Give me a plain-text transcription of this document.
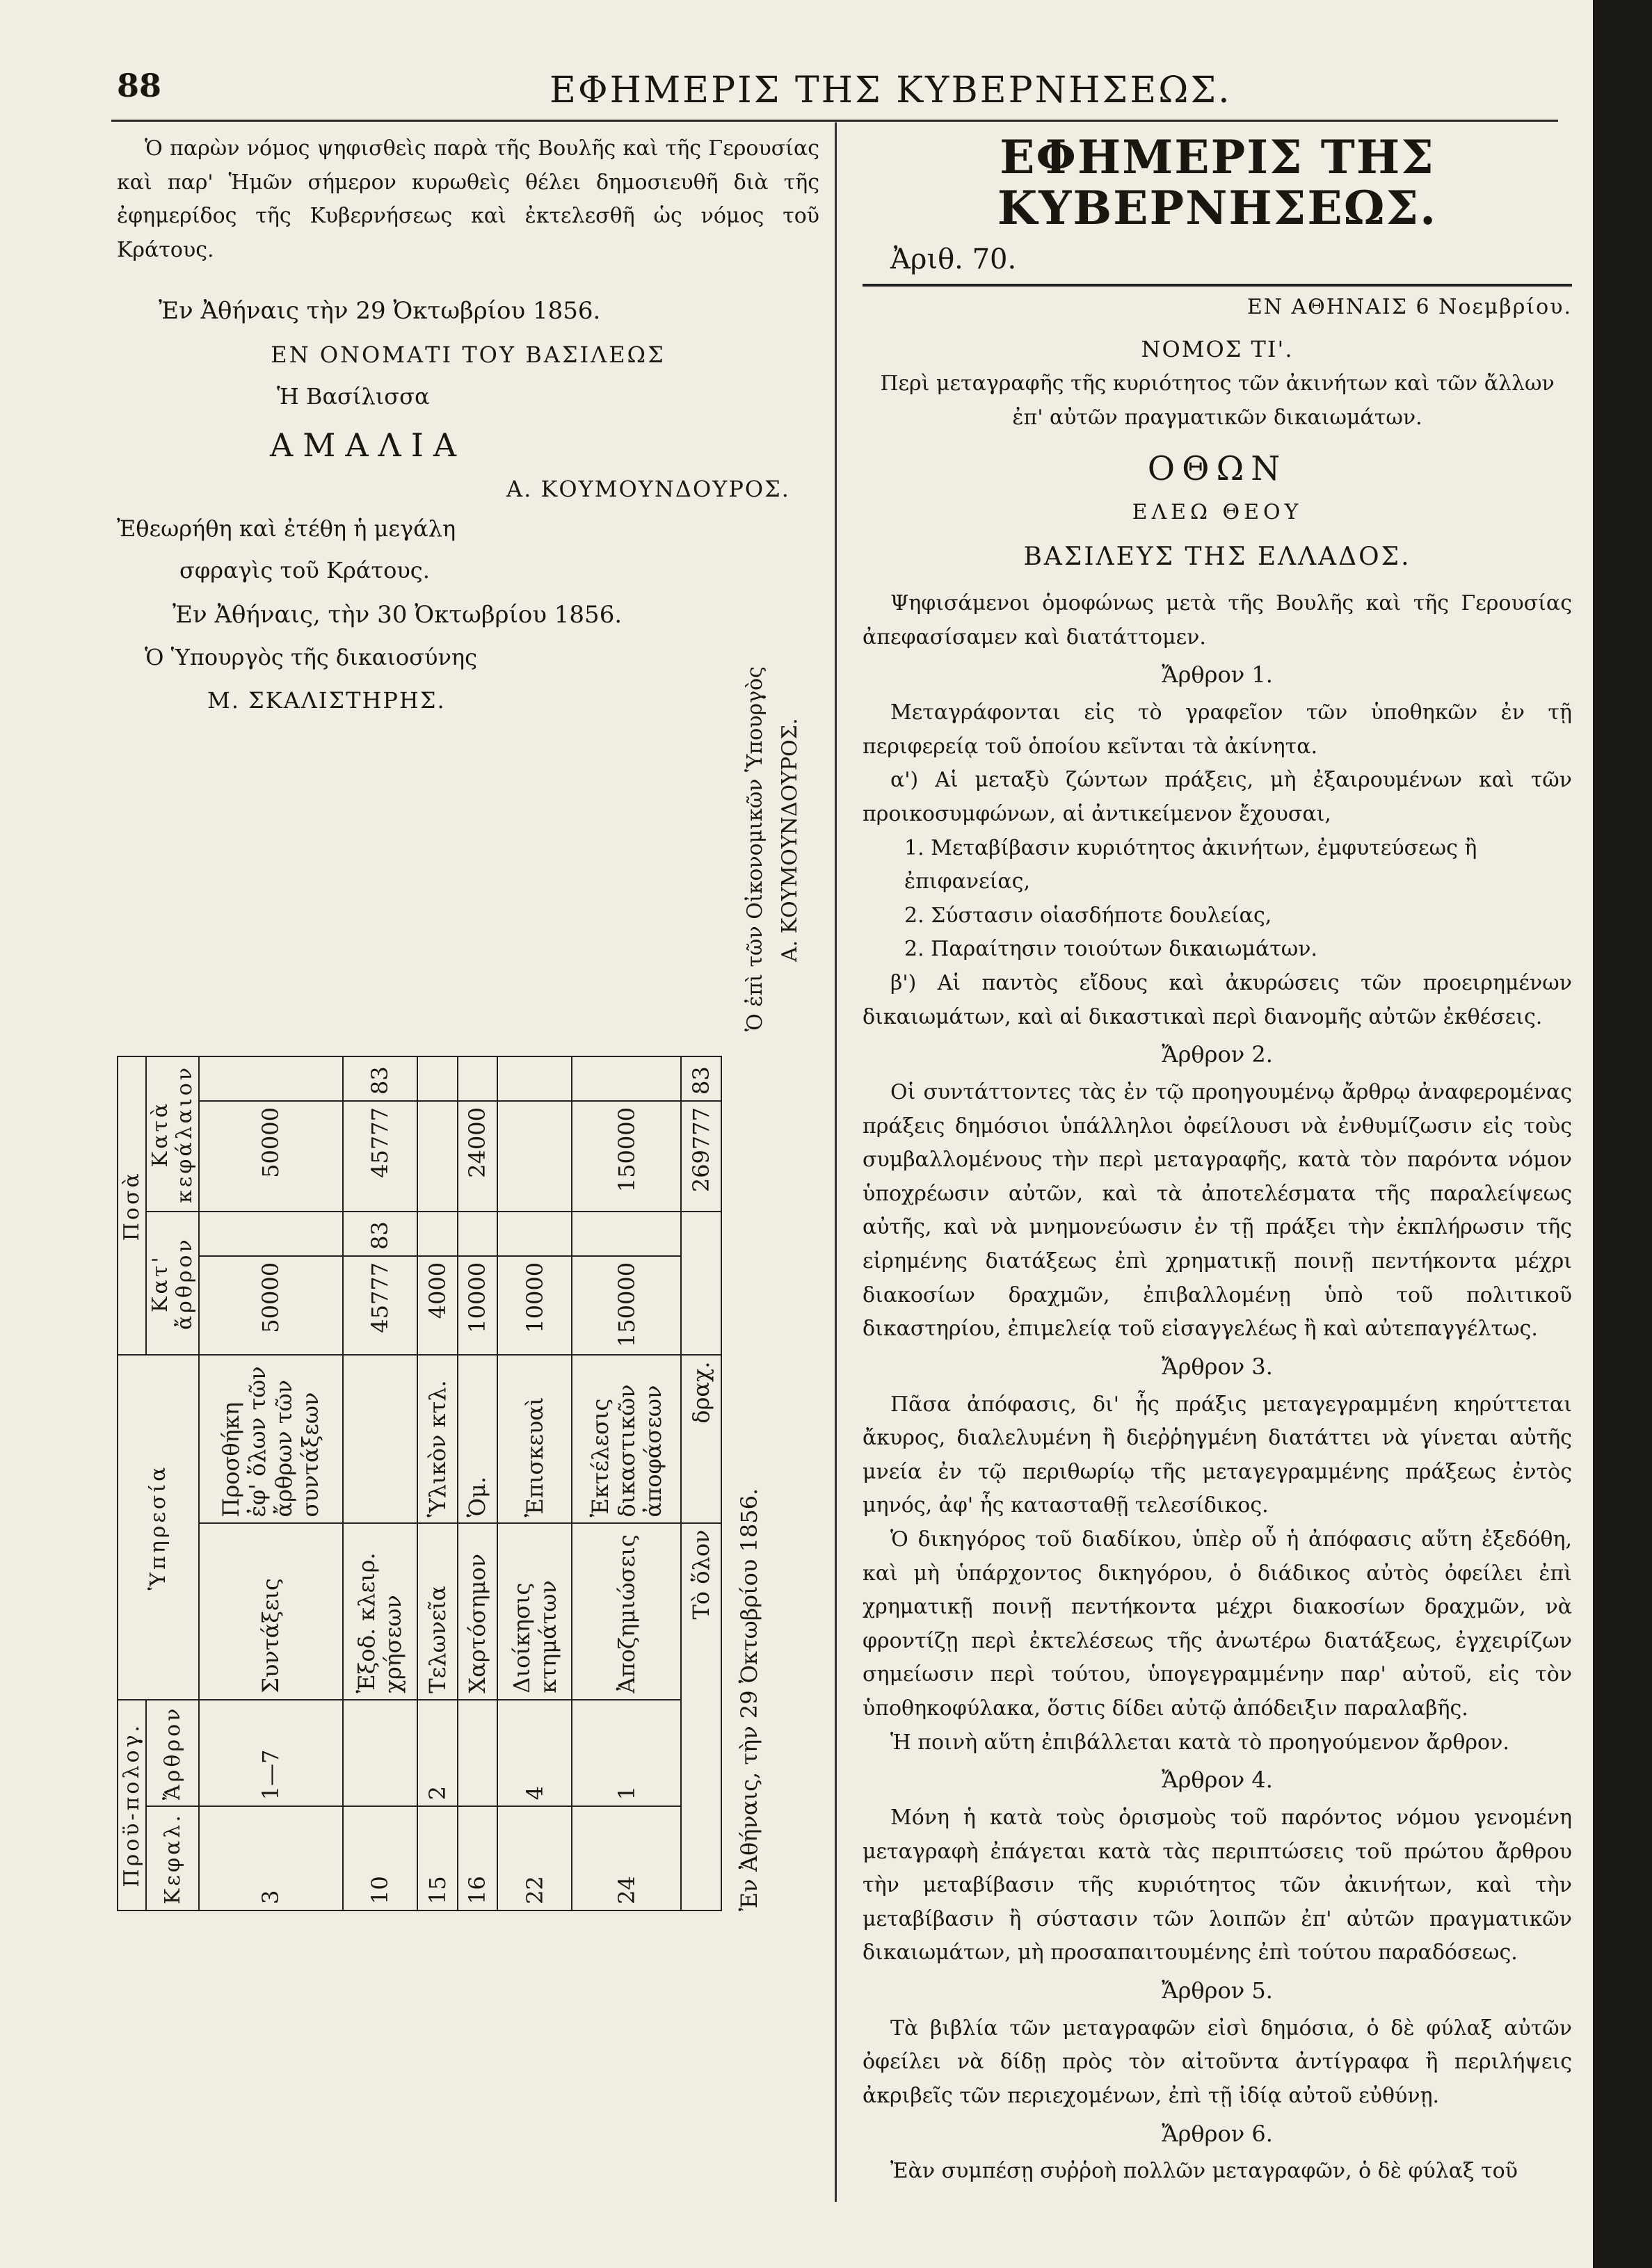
88	ΕΦΗΜΕΡΙΣ ΤΗΣ ΚΥΒΕΡΝΗΣΕΩΣ.

Ὁ παρὼν νόμος ψηφισθεὶς παρὰ τῆς Βουλῆς καὶ τῆς Γερουσίας καὶ παρ' Ἡμῶν σήμερον κυρωθεὶς θέλει δημοσιευθῆ διὰ τῆς ἐφημερίδος τῆς Κυβερνήσεως καὶ ἐκτελεσθῆ ὡς νόμος τοῦ Κράτους.

Ἐν Ἀθήναις τὴν 29 Ὀκτωβρίου 1856.
ΕΝ ΟΝΟΜΑΤΙ ΤΟΥ ΒΑΣΙΛΕΩΣ
Ἡ Βασίλισσα
ΑΜΑΛΙΑ
Α. ΚΟΥΜΟΥΝΔΟΥΡΟΣ.
Ἐθεωρήθη καὶ ἐτέθη ἡ μεγάλη
σφραγὶς τοῦ Κράτους.
Ἐν Ἀθήναις, τὴν 30 Ὀκτωβρίου 1856.
Ὁ Ὑπουργὸς τῆς δικαιοσύνης
Μ. ΣΚΑΛΙΣΤΗΡΗΣ.
Προϋ-πολογ.		Ὑπηρεσία		Ποσὰ			
Κεφαλ.	Ἄρθρον			Κατ' ἄρθρον		Κατὰ κεφάλαιον	
3	1—7	Συντάξεις	Προσθήκη ἐφ' ὅλων τῶν ἄρθρων τῶν συντάξεων	50000		50000	
10		Ἐξοδ. κλειρ. χρήσεων		45777	83	45777	83
15	2	Τελωνεῖα	Ὑλικὸν κτλ.	4000			
16		Χαρτόσημον	Ὁμ.	10000		24000	
22	4	Διοίκησις κτημάτων	Ἐπισκευαὶ	10000			
24	1	Ἀποζημιώσεις	Ἐκτέλεσις δικαστικῶν ἀποφάσεων	150000		150000	
Τὸ ὅλον			δραχ.			269777	83
Ἐν Ἀθήναις, τὴν 29 Ὀκτωβρίου 1856.
Ὁ ἐπὶ τῶν Οἰκονομικῶν Ὑπουργὸς Α. ΚΟΥΜΟΥΝΔΟΥΡΟΣ.
ΕΦΗΜΕΡΙΣ ΤΗΣ ΚΥΒΕΡΝΗΣΕΩΣ.
Ἀριθ. 70.
ΕΝ ΑΘΗΝΑΙΣ 6 Νοεμβρίου.
ΝΟΜΟΣ ΤΙ'.
Περὶ μεταγραφῆς τῆς κυριότητος τῶν ἀκινήτων καὶ τῶν ἄλλων ἐπ' αὐτῶν πραγματικῶν δικαιωμάτων.
ΟΘΩΝ
ΕΛΕΩ ΘΕΟΥ
ΒΑΣΙΛΕΥΣ ΤΗΣ ΕΛΛΑΔΟΣ.

Ψηφισάμενοι ὁμοφώνως μετὰ τῆς Βουλῆς καὶ τῆς Γερουσίας ἀπεφασίσαμεν καὶ διατάττομεν.

Ἄρθρον 1.

Μεταγράφονται εἰς τὸ γραφεῖον τῶν ὑποθηκῶν ἐν τῇ περιφερείᾳ τοῦ ὁποίου κεῖνται τὰ ἀκίνητα.

α') Αἱ μεταξὺ ζώντων πράξεις, μὴ ἐξαιρουμένων καὶ τῶν προικοσυμφώνων, αἱ ἀντικείμενον ἔχουσαι,

1. Μεταβίβασιν κυριότητος ἀκινήτων, ἐμφυτεύσεως ἢ ἐπιφανείας,
2. Σύστασιν οἱασδήποτε δουλείας,
2. Παραίτησιν τοιούτων δικαιωμάτων.

β') Αἱ παντὸς εἴδους καὶ ἀκυρώσεις τῶν προειρημένων δικαιωμάτων, καὶ αἱ δικαστικαὶ περὶ διανομῆς αὐτῶν ἐκθέσεις.

Ἄρθρον 2.

Οἱ συντάττοντες τὰς ἐν τῷ προηγουμένῳ ἄρθρῳ ἀναφερομένας πράξεις δημόσιοι ὑπάλληλοι ὀφείλουσι νὰ ἐνθυμίζωσιν εἰς τοὺς συμβαλλομένους τὴν περὶ μεταγραφῆς, κατὰ τὸν παρόντα νόμον ὑποχρέωσιν αὐτῶν, καὶ τὰ ἀποτελέσματα τῆς παραλείψεως αὐτῆς, καὶ νὰ μνημονεύωσιν ἐν τῇ πράξει τὴν ἐκπλήρωσιν τῆς εἰρημένης διατάξεως ἐπὶ χρηματικῇ ποινῇ πεντήκοντα μέχρι διακοσίων δραχμῶν, ἐπιβαλλομένῃ ὑπὸ τοῦ πολιτικοῦ δικαστηρίου, ἐπιμελείᾳ τοῦ εἰσαγγελέως ἢ καὶ αὐτεπαγγέλτως.

Ἄρθρον 3.

Πᾶσα ἀπόφασις, δι' ἧς πράξις μεταγεγραμμένη κηρύττεται ἄκυρος, διαλελυμένη ἢ διεῤῥηγμένη διατάττει νὰ γίνεται αὐτῆς μνεία ἐν τῷ περιθωρίῳ τῆς μεταγεγραμμένης πράξεως ἐντὸς μηνός, ἀφ' ἧς κατασταθῇ τελεσίδικος.

Ὁ δικηγόρος τοῦ διαδίκου, ὑπὲρ οὗ ἡ ἀπόφασις αὕτη ἐξεδόθη, καὶ μὴ ὑπάρχοντος δικηγόρου, ὁ διάδικος αὐτὸς ὀφείλει ἐπὶ χρηματικῇ ποινῇ πεντήκοντα μέχρι διακοσίων δραχμῶν, νὰ φροντίζῃ περὶ ἐκτελέσεως τῆς ἀνωτέρω διατάξεως, ἐγχειρίζων σημείωσιν περὶ τούτου, ὑπογεγραμμένην παρ' αὐτοῦ, εἰς τὸν ὑποθηκοφύλακα, ὅστις δίδει αὐτῷ ἀπόδειξιν παραλαβῆς.

Ἡ ποινὴ αὕτη ἐπιβάλλεται κατὰ τὸ προηγούμενον ἄρθρον.

Ἄρθρον 4.

Μόνη ἡ κατὰ τοὺς ὁρισμοὺς τοῦ παρόντος νόμου γενομένη μεταγραφὴ ἐπάγεται κατὰ τὰς περιπτώσεις τοῦ πρώτου ἄρθρου τὴν μεταβίβασιν τῆς κυριότητος τῶν ἀκινήτων, καὶ τὴν μεταβίβασιν ἢ σύστασιν τῶν λοιπῶν ἐπ' αὐτῶν πραγματικῶν δικαιωμάτων, μὴ προσαπαιτουμένης ἐπὶ τούτου παραδόσεως.

Ἄρθρον 5.

Τὰ βιβλία τῶν μεταγραφῶν εἰσὶ δημόσια, ὁ δὲ φύλαξ αὐτῶν ὀφείλει νὰ δίδῃ πρὸς τὸν αἰτοῦντα ἀντίγραφα ἢ περιλήψεις ἀκριβεῖς τῶν περιεχομένων, ἐπὶ τῇ ἰδίᾳ αὐτοῦ εὐθύνῃ.

Ἄρθρον 6.

Ἐὰν συμπέσῃ συῤῥοὴ πολλῶν μεταγραφῶν, ὁ δὲ φύλαξ τοῦ
